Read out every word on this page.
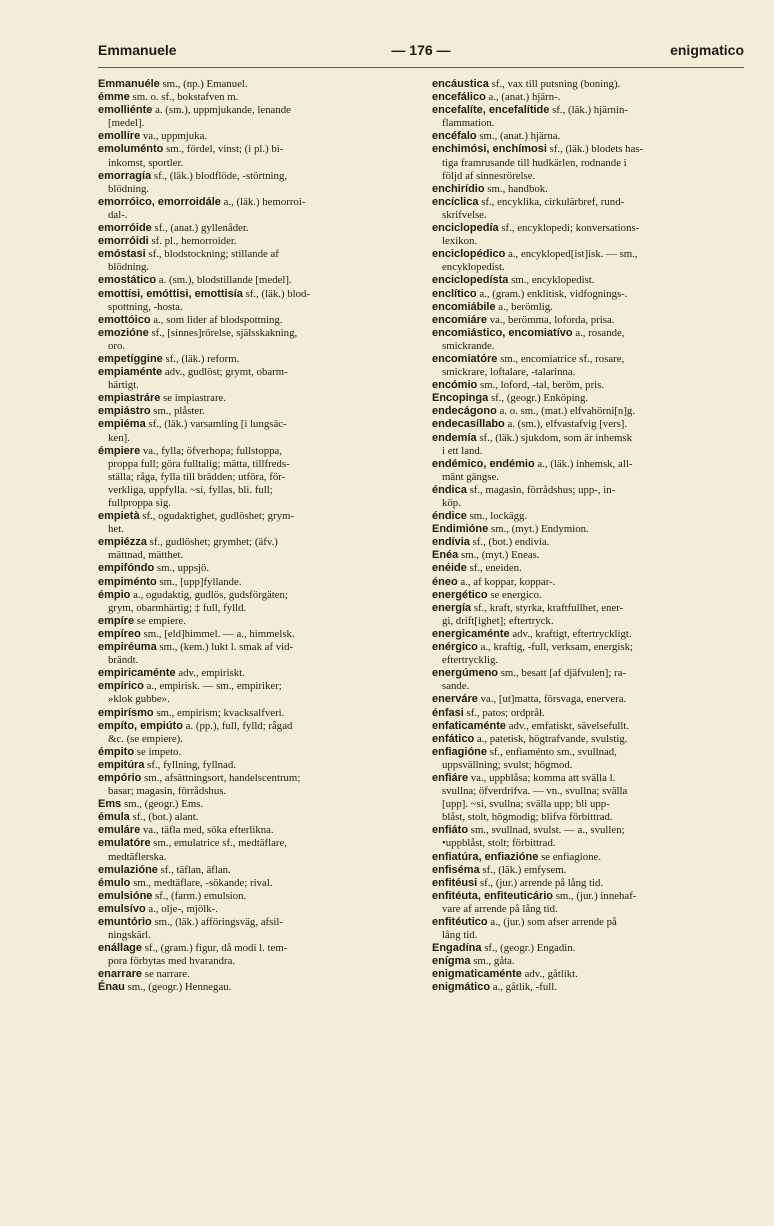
Emmanuele	— 176 —	enigmatico
Emmanuéle sm., (np.) Emanuel.
émme sm. o. sf., bokstafven m.
emolliénte a. (sm.), uppmjukande, lenande
[medel].
emollíre va., uppmjuka.
emoluménto sm., fördel, vinst; (i pl.) bi-
inkomst, sportler.
emorragía sf., (läk.) blodflöde, -störtning,
blödning.
emorróico, emorroidále a., (läk.) hemorroi-
dal-.
emorróide sf., (anat.) gyllenåder.
emorróidi sf. pl., hemorroider.
emóstasi sf., blodstockning; stillande af
blödning.
emostático a. (sm.), blodstillande [medel].
emottísi, emóttisi, emottisía sf., (läk.) blod-
spottning, -hosta.
emottóico a., som lider af blodspottning.
emozióne sf., [sinnes]rörelse, själsskakning,
oro.
empetíggine sf., (läk.) reform.
empiaménte adv., gudlöst; grymt, obarm-
härtigt.
empiastráre se impiastrare.
empiástro sm., plåster.
empiéma sf., (läk.) varsamling [i lungsäc-
ken].
émpiere va., fylla; öfverhopa; fullstoppa,
proppa full; göra fulltalig; mätta, tillfreds-
ställa; råga, fylla till brädden; utföra, för-
verkliga, uppfylla. ~si, fyllas, bli. full;
fullproppa sig.
empietà sf., ogudaktighet, gudlöshet; grym-
het.
empiézza sf., gudlöshet; grymhet; (äfv.)
mättnad, mätthet.
empifóndo sm., uppsjö.
empiménto sm., [upp]fyllande.
émpio a., ogudaktig, gudlös, gudsförgäten;
grym, obarmhärtig; ‡ full, fylld.
empíre se empiere.
empíreo sm., [eld]himmel. — a., himmelsk.
empiréuma sm., (kem.) lukt l. smak af vid-
brändt.
empiricaménte adv., empiriskt.
empírico a., empirisk. — sm., empiriker;
»klok gubbe».
empirísmo sm., empirism; kvacksalfveri.
empíto, empiúto a. (pp.), full, fylld; rågad
&c. (se empiere).
émpito se impeto.
empitúra sf., fyllning, fyllnad.
empório sm., afsättningsort, handelscentrum;
basar; magasin, förrådshus.
Ems sm., (geogr.) Ems.
émula sf., (bot.) alant.
emuláre va., täfla med, söka efterlikna.
emulatóre sm., emulatrice sf., medtäflare,
medtäflerska.
emulazióne sf., täflan, äflan.
émulo sm., medtäflare, -sökande; rival.
emulsióne sf., (farm.) emulsion.
emulsívo a., olje-, mjölk-.
emuntório sm., (läk.) afföringsväg, afsil-
ningskärl.
enállage sf., (gram.) figur, då modi l. tem-
pora förbytas med hvarandra.
enarrare se narrare.
Énau sm., (geogr.) Hennegau.
encáustica sf., vax till putsning (boning).
encefálico a., (anat.) hjärn-.
encefalíte, encefalítide sf., (läk.) hjärnin-
flammation.
encéfalo sm., (anat.) hjärna.
enchimósi, enchímosi sf., (läk.) blodets has-
tiga framrusande till hudkärlen, rodnande i
följd af sinnesrörelse.
enchirídio sm., handbok.
encíclica sf., encyklika, cirkulärbref, rund-
skrifvelse.
enciclopedía sf., encyklopedi; konversations-
lexikon.
enciclopédico a., encykloped[ist]isk. — sm.,
encyklopedist.
enciclopedísta sm., encyklopedist.
enclítico a., (gram.) enklitisk, vidfognings-.
encomiábile a., berömlig.
encomiáre va., berömma, loforda, prisa.
encomiástico, encomiatívo a., rosande,
smickrande.
encomiatóre sm., encomiatrice sf., rosare,
smickrare, loftalare, -talarinna.
encómio sm., loford, -tal, beröm, pris.
Encopinga sf., (geogr.) Enköping.
endecágono a. o. sm., (mat.) elfvahörni[n]g.
endecasíllabo a. (sm.), elfvastafvig [vers].
endemía sf., (läk.) sjukdom, som är inhemsk
i ett land.
endémico, endémio a., (läk.) inhemsk, all-
mänt gängse.
éndica sf., magasin, förrådshus; upp-, in-
köp.
éndice sm., lockägg.
Endimióne sm., (myt.) Endymion.
endívia sf., (bot.) endivia.
Enéa sm., (myt.) Eneas.
enéide sf., eneiden.
éneo a., af koppar, koppar-.
energético se energico.
energía sf., kraft, styrka, kraftfullhet, ener-
gi, drift[ighet]; eftertryck.
energicaménte adv., kraftigt, eftertryckligt.
enérgico a., kraftig, -full, verksam, energisk;
eftertrycklig.
energúmeno sm., besatt [af djäfvulen]; ra-
sande.
enerváre va., [ut]matta, försvaga, enervera.
énfasi sf., patos; ordpråł.
enfaticaménte adv., emfatiskt, sävelsefullt.
enfático a., patetisk, högtrafvande, svulstig.
enfiagióne sf., enfiaménto sm., svullnad,
uppsvällning; svulst; högmod.
enfiáre va., uppblåsa; komma att svälla l.
svullna; öfverdrifva. — vn., svullna; svälla
[upp]. ~si, svullna; svälla upp; bli upp-
blåst, stolt, högmodig; blifva förbittrad.
enfiáto sm., svullnad, svulst. — a., svullen;
•uppblåst, stolt; förbittrad.
enfiatúra, enfiazióne se enfiagione.
enfiséma sf., (läk.) emfysem.
enfitéusi sf., (jur.) arrende på lång tid.
enfitéuta, enfiteuticário sm., (jur.) innehaf-
vare af arrende på lång tid.
enfitéutico a., (jur.) som afser arrende på
lång tid.
Engadína sf., (geogr.) Engadin.
enígma sm., gåta.
enigmaticaménte adv., gåtlikt.
enigmático a., gåtlik, -full.
